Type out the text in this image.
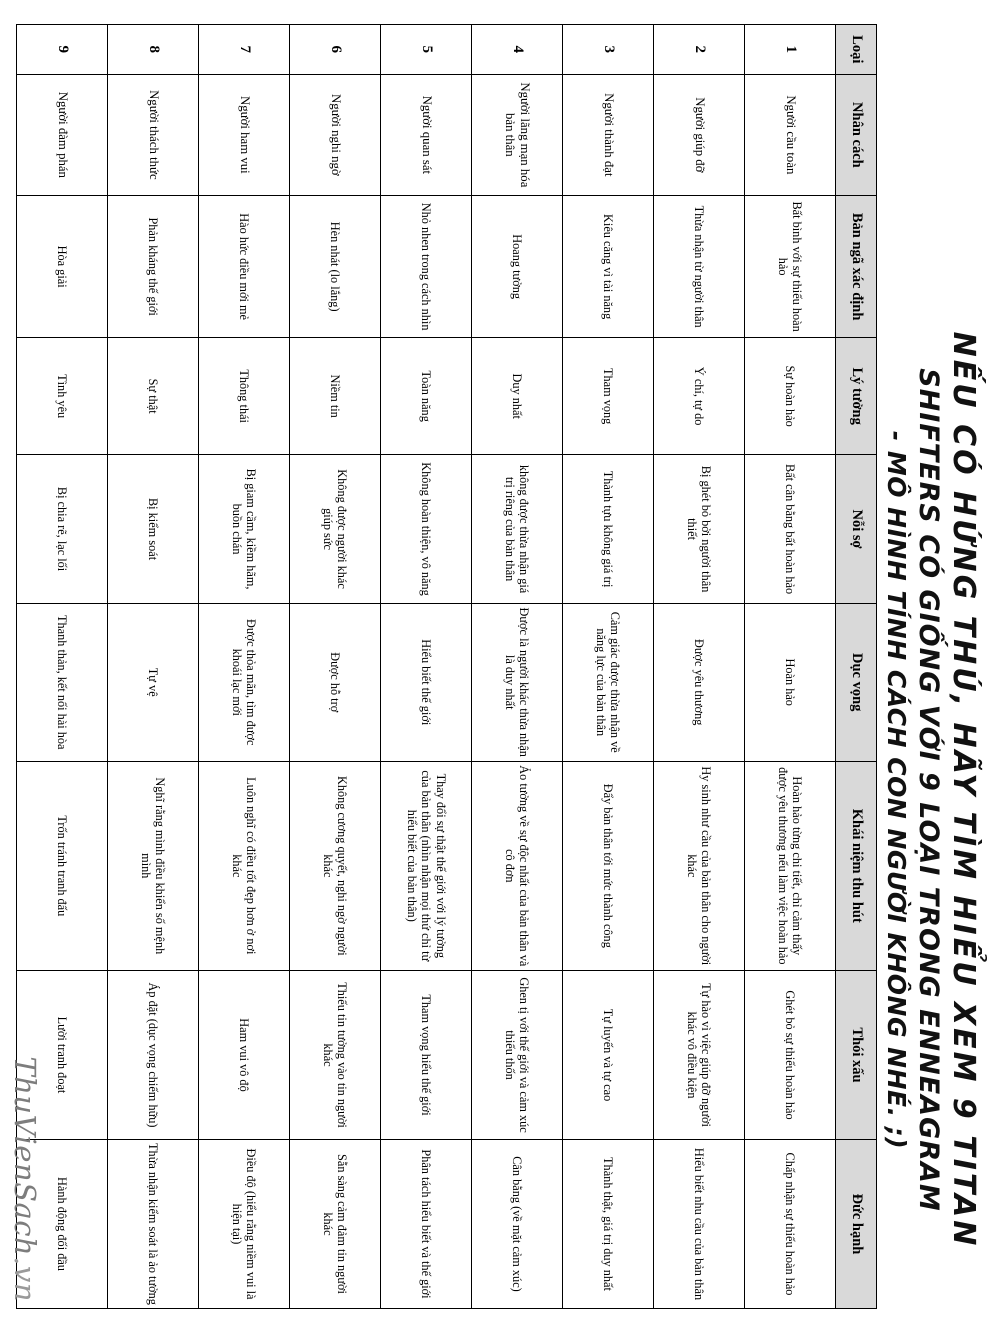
NẾU CÓ HỨNG THÚ, HÃY TÌM HIỂU XEM 9 TITAN
SHIFTERS CÓ GIỐNG VỚI 9 LOẠI TRONG ENNEAGRAM
- MÔ HÌNH TÍNH CÁCH CON NGƯỜI KHÔNG NHÉ. ;)
Loại	Nhân cách	Bản ngã xác định	Lý tưởng	Nỗi sợ	Dục vọng	Khái niệm thu hút	Thói xấu	Đức hạnh
1	Người cầu toàn	Bất bình với sự thiếu hoàn hảo	Sự hoàn hảo	Bất cân bằng bất hoàn hảo	Hoàn hảo	Hoàn hảo từng chi tiết, chỉ cảm thấy được yêu thương nếu làm việc hoàn hảo	Ghét bỏ sự thiếu hoàn hảo	Chấp nhận sự thiếu hoàn hảo
2	Người giúp đỡ	Thừa nhận từ người thân	Ý chí, tự do	Bị ghét bỏ bởi người thân thiết	Được yêu thương	Hy sinh như cầu của bản thân cho người khác	Tự hào vì việc giúp đỡ người khác vô điều kiện	Hiểu biết nhu cầu của bản thân
3	Người thành đạt	Kiêu căng vì tài năng	Tham vọng	Thành tựu không giá trị	Cảm giác được thừa nhận về năng lực của bản thân	Đẩy bản thân tới mức thành công	Tự luyến và tự cao	Thành thật, giá trị duy nhất
4	Người lãng mạn hóa bản thân	Hoang tưởng	Duy nhất	không được thừa nhận giá trị riêng của bản thân	Được là người khác thừa nhận là duy nhất	Ảo tưởng về sự độc nhất của bản thân và cô đơn	Ghen tị với thế giới và cảm xúc thiếu thốn	Cân bằng (về mặt cảm xúc)
5	Người quan sát	Nhỏ nhen trong cách nhìn	Toàn năng	Không hoàn thiện, vô năng	Hiểu biết thế giới	Thay đổi sự thật thế giới với lý tưởng của bản thân (nhìn nhận mọi thứ chỉ từ hiểu biết của bản thân)	Tham vọng hiểu thế giới	Phân tách hiểu biết và thế giới
6	Người nghi ngờ	Hèn nhát (lo lắng)	Niềm tin	Không được người khác giúp sức	Được hỗ trợ	Không cương quyết, nghi ngờ người khác	Thiếu tin tưởng vào tin người khác	Sẵn sàng cảm đảm tin người khác
7	Người ham vui	Hào hức điều mới mẻ	Thông thái	Bị giam cầm, kiềm hãm, buồn chán	Được thỏa mãn, tìm được khoái lạc mới	Luôn nghĩ có điều tốt đẹp hơn ở nơi khác	Ham vui vô độ	Điều độ (hiểu rằng niềm vui là hiện tại)
8	Người thách thức	Phản kháng thế giới	Sự thật	Bị kiểm soát	Tự vệ	Nghĩ rằng mình điều khiển số mệnh mình	Áp đặt (dục vọng chiếm hữu)	Thừa nhận kiểm soát là ảo tưởng
9	Người đàm phán	Hòa giải	Tình yêu	Bị chia rẽ, lạc lối	Thanh thản, kết nối hài hòa	Trốn tránh tranh đấu	Lười tranh đoạt	Hành động đối đầu
ThuVienSach.vn
